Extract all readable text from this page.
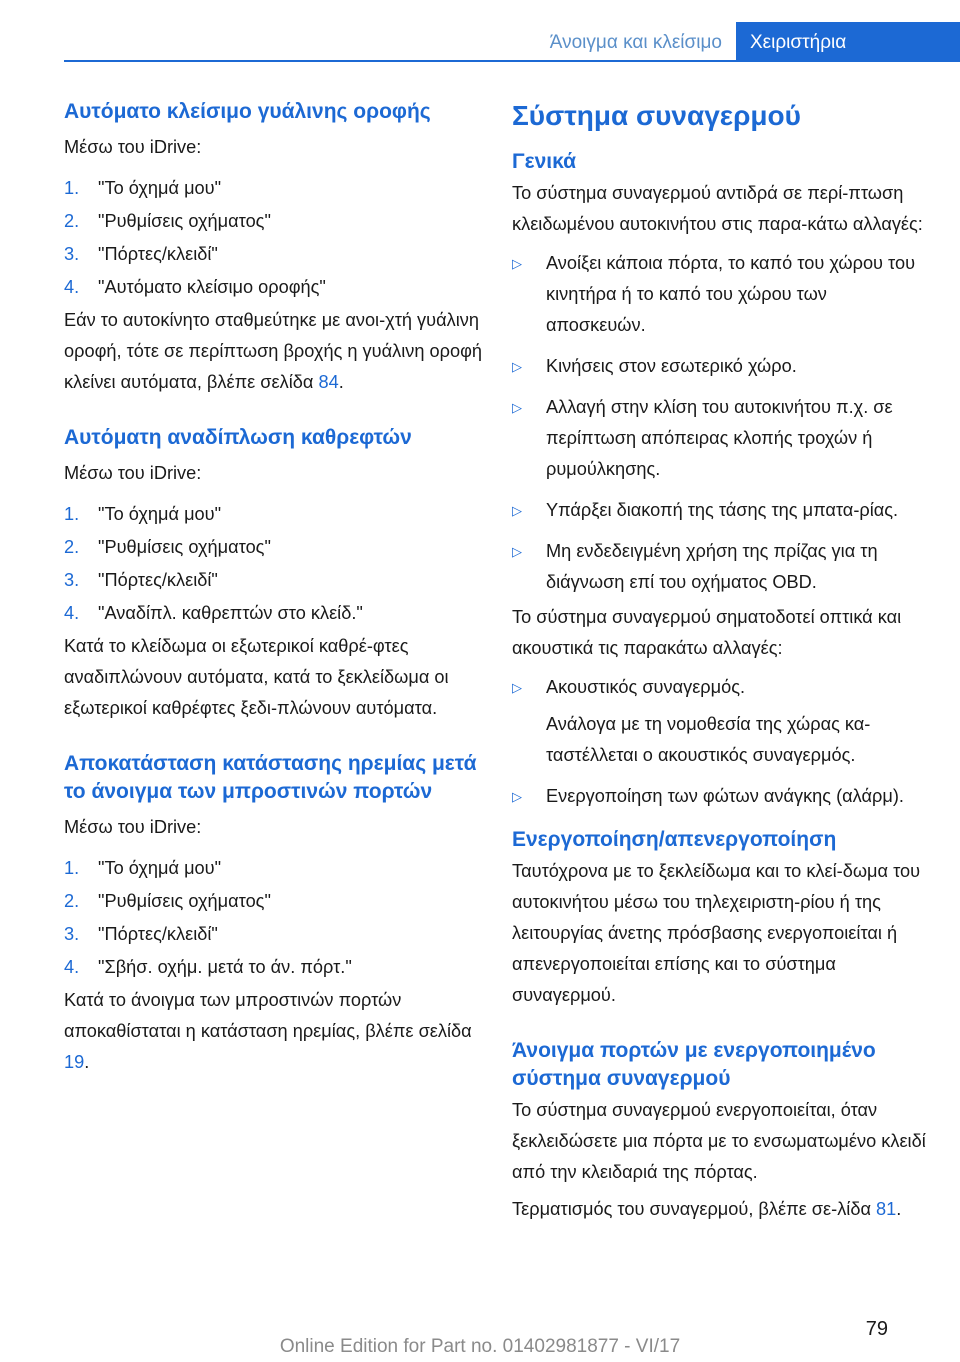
Άνοιγμα και κλείσιμο	Χειριστήρια
Αυτόματο κλείσιμο γυάλινης οροφής

Μέσω του iDrive:

1.	"Το όχημά μου"
2.	"Ρυθμίσεις οχήματος"
3.	"Πόρτες/κλειδί"
4.	"Αυτόματο κλείσιμο οροφής"

Εάν το αυτοκίνητο σταθμεύτηκε με ανοι-χτή γυάλινη οροφή, τότε σε περίπτωση βροχής η γυάλινη οροφή κλείνει αυτόματα, βλέπε σελίδα 84.

Αυτόματη αναδίπλωση καθρεφτών

Μέσω του iDrive:

1.	"Το όχημά μου"
2.	"Ρυθμίσεις οχήματος"
3.	"Πόρτες/κλειδί"
4.	"Αναδίπλ. καθρεπτών στο κλείδ."

Κατά το κλείδωμα οι εξωτερικοί καθρέ-φτες αναδιπλώνουν αυτόματα, κατά το ξεκλείδωμα οι εξωτερικοί καθρέφτες ξεδι-πλώνουν αυτόματα.

Αποκατάσταση κατάστασης ηρεμίας μετά το άνοιγμα των μπροστινών πορτών

Μέσω του iDrive:

1.	"Το όχημά μου"
2.	"Ρυθμίσεις οχήματος"
3.	"Πόρτες/κλειδί"
4.	"Σβήσ. οχήμ. μετά το άν. πόρτ."

Κατά το άνοιγμα των μπροστινών πορτών αποκαθίσταται η κατάσταση ηρεμίας, βλέπε σελίδα 19.

Σύστημα συναγερμού
Γενικά

Το σύστημα συναγερμού αντιδρά σε περί-πτωση κλειδωμένου αυτοκινήτου στις παρα-κάτω αλλαγές:

▷	Ανοίξει κάποια πόρτα, το καπό του χώρου του κινητήρα ή το καπό του χώρου των αποσκευών.
▷	Κινήσεις στον εσωτερικό χώρο.
▷	Αλλαγή στην κλίση του αυτοκινήτου π.χ. σε περίπτωση απόπειρας κλοπής τροχών ή ρυμούλκησης.
▷	Υπάρξει διακοπή της τάσης της μπατα-ρίας.
▷	Μη ενδεδειγμένη χρήση της πρίζας για τη διάγνωση επί του οχήματος OBD.

Το σύστημα συναγερμού σηματοδοτεί οπτικά και ακουστικά τις παρακάτω αλλαγές:

▷	Ακουστικός συναγερμός.

Ανάλογα με τη νομοθεσία της χώρας κα-ταστέλλεται ο ακουστικός συναγερμός.
▷	Ενεργοποίηση των φώτων ανάγκης (αλάρμ).
Ενεργοποίηση/απενεργοποίηση

Ταυτόχρονα με το ξεκλείδωμα και το κλεί-δωμα του αυτοκινήτου μέσω του τηλεχειριστη-ρίου ή της λειτουργίας άνετης πρόσβασης ενεργοποιείται ή απενεργοποιείται επίσης και το σύστημα συναγερμού.

Άνοιγμα πορτών με ενεργοποιημένο σύστημα συναγερμού

Το σύστημα συναγερμού ενεργοποιείται, όταν ξεκλειδώσετε μια πόρτα με το ενσωματωμένο κλειδί από την κλειδαριά της πόρτας.

Τερματισμός του συναγερμού, βλέπε σε-λίδα 81.

79
Online Edition for Part no. 01402981877 - VI/17
